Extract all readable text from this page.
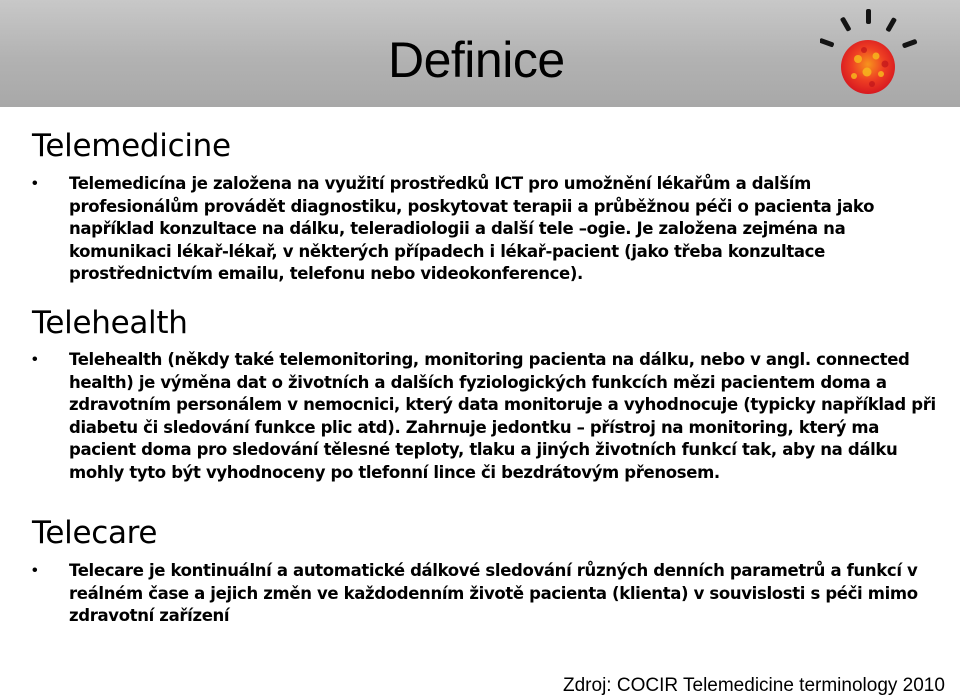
Definice
Telemedicine
• Telemedicína je založena na využití prostředků ICT pro umožnění lékařům a dalším profesionálům provádět diagnostiku, poskytovat terapii a průběžnou péči o pacienta jako například konzultace na dálku, teleradiologii a další tele –ogie. Je založena zejména na komunikaci lékař‐lékař, v některých případech i lékař‐pacient (jako třeba konzultace prostřednictvím emailu, telefonu nebo videokonference).

Telehealth
• Telehealth (někdy také telemonitoring, monitoring pacienta na dálku, nebo v angl. connected health) je výměna dat o životních a dalších fyziologických funkcích mězi pacientem doma a zdravotním personálem v nemocnici, který data monitoruje a vyhodnocuje (typicky například při diabetu či sledování funkce plic atd). Zahrnuje jedontku – přístroj na monitoring, který ma pacient doma pro sledování tělesné teploty, tlaku a jiných životních funkcí tak, aby na dálku mohly tyto být vyhodnoceny po tlefonní lince či bezdrátovým přenosem.

Telecare
• Telecare je kontinuální a automatické dálkové sledování různých denních parametrů a funkcí v reálném čase a jejich změn ve každodenním životě pacienta (klienta) v souvislosti s péči mimo zdravotní zařízení

Zdroj: COCIR Telemedicine terminology 2010
